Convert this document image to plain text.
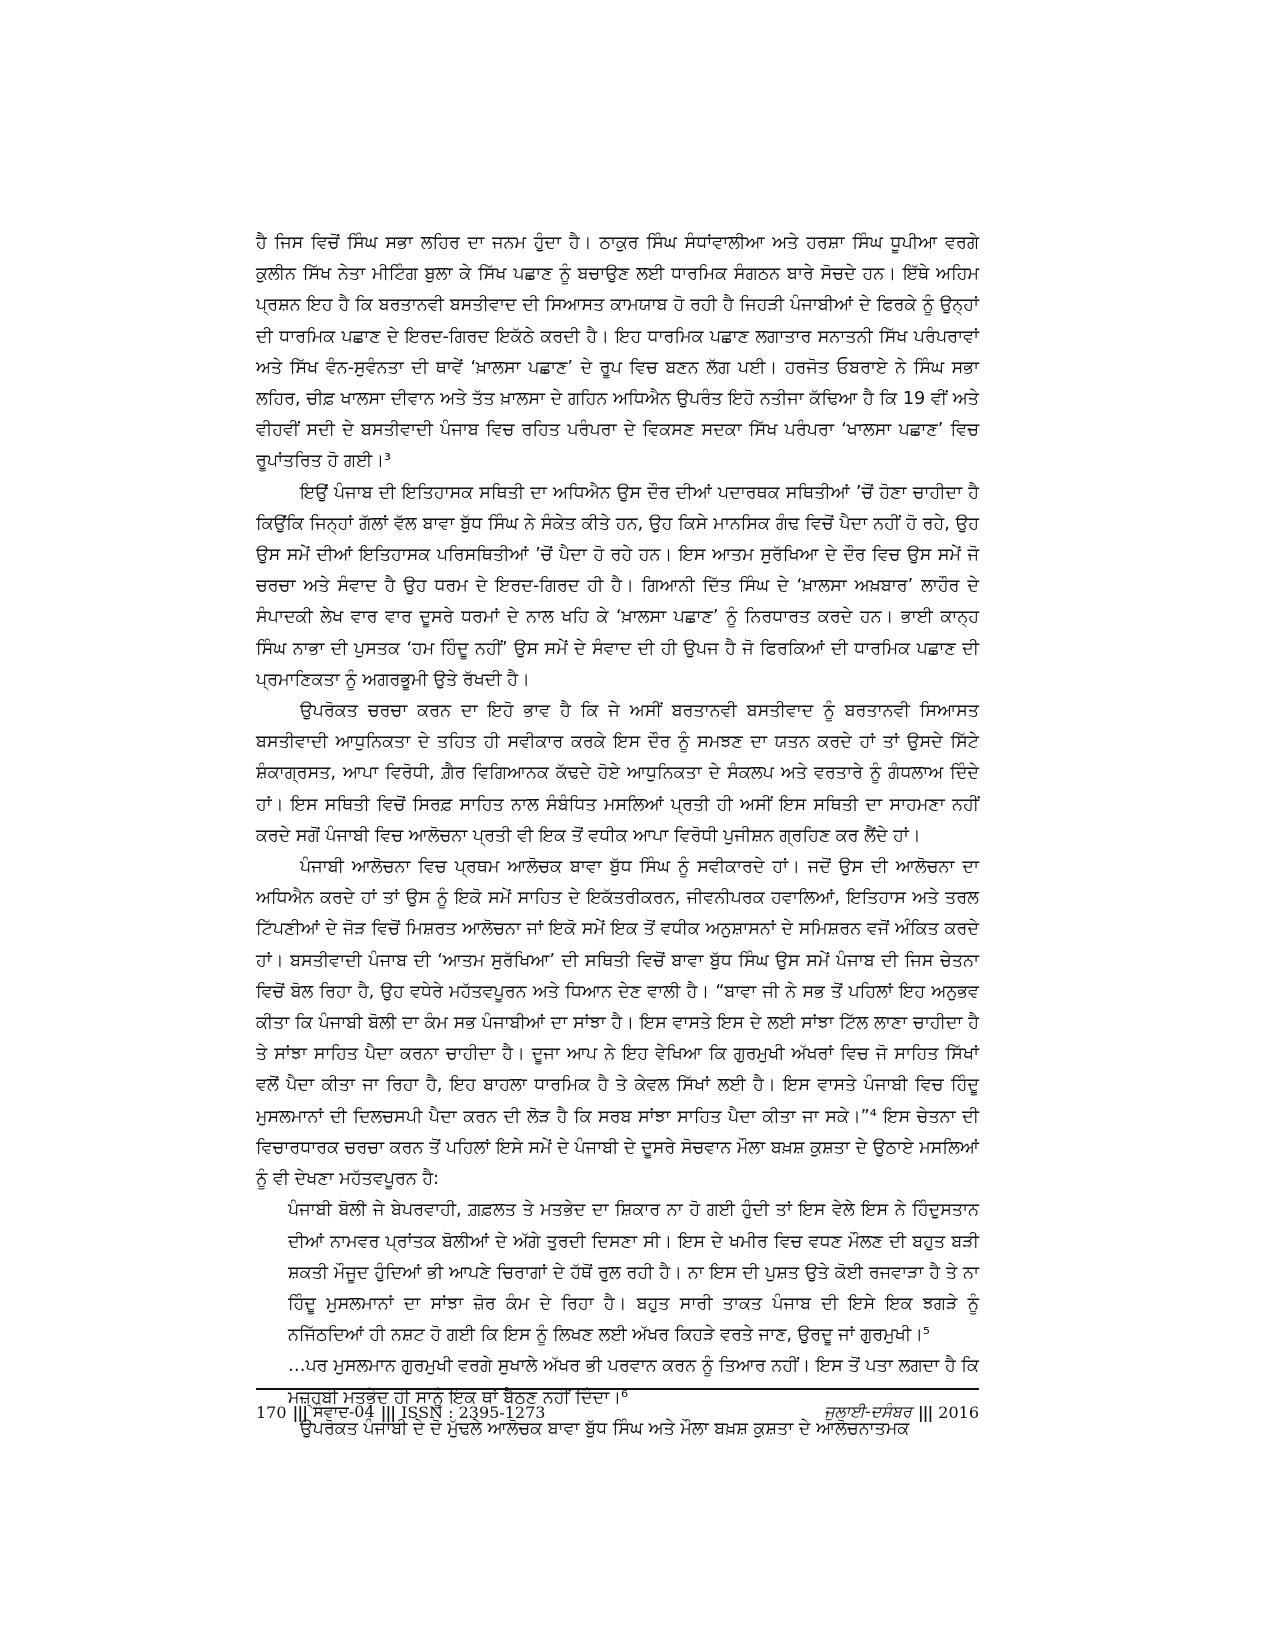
ਹੈ ਜਿਸ ਵਿਚੋਂ ਸਿੰਘ ਸਭਾ ਲਹਿਰ ਦਾ ਜਨਮ ਹੁੰਦਾ ਹੈ। ਠਾਕੁਰ ਸਿੰਘ ਸੰਧਾਂਵਾਲੀਆ ਅਤੇ ਹਰਸ਼ਾ ਸਿੰਘ ਧੂਪੀਆ ਵਰਗੇ ਕੁਲੀਨ ਸਿੱਖ ਨੇਤਾ ਮੀਟਿੰਗ ਬੁਲਾ ਕੇ ਸਿੱਖ ਪਛਾਣ ਨੂੰ ਬਚਾਉਣ ਲਈ ਧਾਰਮਿਕ ਸੰਗਠਨ ਬਾਰੇ ਸੋਚਦੇ ਹਨ। ਇੱਥੇ ਅਹਿਮ ਪ੍ਰਸ਼ਨ ਇਹ ਹੈ ਕਿ ਬਰਤਾਨਵੀ ਬਸਤੀਵਾਦ ਦੀ ਸਿਆਸਤ ਕਾਮਯਾਬ ਹੋ ਰਹੀ ਹੈ ਜਿਹੜੀ ਪੰਜਾਬੀਆਂ ਦੇ ਫਿਰਕੇ ਨੂੰ ਉਨ੍ਹਾਂ ਦੀ ਧਾਰਮਿਕ ਪਛਾਣ ਦੇ ਇਰਦ-ਗਿਰਦ ਇਕੱਠੇ ਕਰਦੀ ਹੈ। ਇਹ ਧਾਰਮਿਕ ਪਛਾਣ ਲਗਾਤਾਰ ਸਨਾਤਨੀ ਸਿੱਖ ਪਰੰਪਰਾਵਾਂ ਅਤੇ ਸਿੱਖ ਵੰਨ-ਸੁਵੰਨਤਾ ਦੀ ਥਾਵੇਂ ‘ਖ਼ਾਲਸਾ ਪਛਾਣ’ ਦੇ ਰੂਪ ਵਿਚ ਬਣਨ ਲੱਗ ਪਈ। ਹਰਜੋਤ ਓਬਰਾਏ ਨੇ ਸਿੰਘ ਸਭਾ ਲਹਿਰ, ਚੀਫ਼ ਖਾਲਸਾ ਦੀਵਾਨ ਅਤੇ ਤੱਤ ਖ਼ਾਲਸਾ ਦੇ ਗਹਿਨ ਅਧਿਐਨ ਉਪਰੰਤ ਇਹੋ ਨਤੀਜਾ ਕੱਢਿਆ ਹੈ ਕਿ 19 ਵੀਂ ਅਤੇ ਵੀਹਵੀਂ ਸਦੀ ਦੇ ਬਸਤੀਵਾਦੀ ਪੰਜਾਬ ਵਿਚ ਰਹਿਤ ਪਰੰਪਰਾ ਦੇ ਵਿਕਸਣ ਸਦਕਾ ਸਿੱਖ ਪਰੰਪਰਾ ‘ਖਾਲਸਾ ਪਛਾਣ’ ਵਿਚ ਰੂਪਾਂਤਰਿਤ ਹੋ ਗਈ।³

ਇਉਂ ਪੰਜਾਬ ਦੀ ਇਤਿਹਾਸਕ ਸਥਿਤੀ ਦਾ ਅਧਿਐਨ ਉਸ ਦੌਰ ਦੀਆਂ ਪਦਾਰਥਕ ਸਥਿਤੀਆਂ ’ਚੋਂ ਹੋਣਾ ਚਾਹੀਦਾ ਹੈ ਕਿਉਂਕਿ ਜਿਨ੍ਹਾਂ ਗੱਲਾਂ ਵੱਲ ਬਾਵਾ ਬੁੱਧ ਸਿੰਘ ਨੇ ਸੰਕੇਤ ਕੀਤੇ ਹਨ, ਉਹ ਕਿਸੇ ਮਾਨਸਿਕ ਗੰਢ ਵਿਚੋਂ ਪੈਦਾ ਨਹੀਂ ਹੋ ਰਹੇ, ਉਹ ਉਸ ਸਮੇਂ ਦੀਆਂ ਇਤਿਹਾਸਕ ਪਰਿਸਥਿਤੀਆਂ ’ਚੋਂ ਪੈਦਾ ਹੋ ਰਹੇ ਹਨ। ਇਸ ਆਤਮ ਸੁਰੱਖਿਆ ਦੇ ਦੌਰ ਵਿਚ ਉਸ ਸਮੇਂ ਜੋ ਚਰਚਾ ਅਤੇ ਸੰਵਾਦ ਹੈ ਉਹ ਧਰਮ ਦੇ ਇਰਦ-ਗਿਰਦ ਹੀ ਹੈ। ਗਿਆਨੀ ਦਿੱਤ ਸਿੰਘ ਦੇ ‘ਖ਼ਾਲਸਾ ਅਖ਼ਬਾਰ’ ਲਾਹੌਰ ਦੇ ਸੰਪਾਦਕੀ ਲੇਖ ਵਾਰ ਵਾਰ ਦੂਸਰੇ ਧਰਮਾਂ ਦੇ ਨਾਲ ਖਹਿ ਕੇ ‘ਖ਼ਾਲਸਾ ਪਛਾਣ’ ਨੂੰ ਨਿਰਧਾਰਤ ਕਰਦੇ ਹਨ। ਭਾਈ ਕਾਨ੍ਹ ਸਿੰਘ ਨਾਭਾ ਦੀ ਪੁਸਤਕ ‘ਹਮ ਹਿੰਦੂ ਨਹੀਂ’ ਉਸ ਸਮੇਂ ਦੇ ਸੰਵਾਦ ਦੀ ਹੀ ਉਪਜ ਹੈ ਜੋ ਫਿਰਕਿਆਂ ਦੀ ਧਾਰਮਿਕ ਪਛਾਣ ਦੀ ਪ੍ਰਮਾਣਿਕਤਾ ਨੂੰ ਅਗਰਭੂਮੀ ਉਤੇ ਰੱਖਦੀ ਹੈ।

ਉਪਰੋਕਤ ਚਰਚਾ ਕਰਨ ਦਾ ਇਹੋ ਭਾਵ ਹੈ ਕਿ ਜੇ ਅਸੀਂ ਬਰਤਾਨਵੀ ਬਸਤੀਵਾਦ ਨੂੰ ਬਰਤਾਨਵੀ ਸਿਆਸਤ ਬਸਤੀਵਾਦੀ ਆਧੁਨਿਕਤਾ ਦੇ ਤਹਿਤ ਹੀ ਸਵੀਕਾਰ ਕਰਕੇ ਇਸ ਦੌਰ ਨੂੰ ਸਮਝਣ ਦਾ ਯਤਨ ਕਰਦੇ ਹਾਂ ਤਾਂ ਉਸਦੇ ਸਿੱਟੇ ਸ਼ੰਕਾਗ੍ਰਸਤ, ਆਪਾ ਵਿਰੋਧੀ, ਗ਼ੈਰ ਵਿਗਿਆਨਕ ਕੱਢਦੇ ਹੋਏ ਆਧੁਨਿਕਤਾ ਦੇ ਸੰਕਲਪ ਅਤੇ ਵਰਤਾਰੇ ਨੂੰ ਗੰਧਲਾਅ ਦਿੰਦੇ ਹਾਂ। ਇਸ ਸਥਿਤੀ ਵਿਚੋਂ ਸਿਰਫ਼ ਸਾਹਿਤ ਨਾਲ ਸੰਬੰਧਿਤ ਮਸਲਿਆਂ ਪ੍ਰਤੀ ਹੀ ਅਸੀਂ ਇਸ ਸਥਿਤੀ ਦਾ ਸਾਹਮਣਾ ਨਹੀਂ ਕਰਦੇ ਸਗੋਂ ਪੰਜਾਬੀ ਵਿਚ ਆਲੋਚਨਾ ਪ੍ਰਤੀ ਵੀ ਇਕ ਤੋਂ ਵਧੀਕ ਆਪਾ ਵਿਰੋਧੀ ਪੁਜੀਸ਼ਨ ਗ੍ਰਹਿਣ ਕਰ ਲੈਂਦੇ ਹਾਂ।

ਪੰਜਾਬੀ ਆਲੋਚਨਾ ਵਿਚ ਪ੍ਰਥਮ ਆਲੋਚਕ ਬਾਵਾ ਬੁੱਧ ਸਿੰਘ ਨੂੰ ਸਵੀਕਾਰਦੇ ਹਾਂ। ਜਦੋਂ ਉਸ ਦੀ ਆਲੋਚਨਾ ਦਾ ਅਧਿਐਨ ਕਰਦੇ ਹਾਂ ਤਾਂ ਉਸ ਨੂੰ ਇਕੋ ਸਮੇਂ ਸਾਹਿਤ ਦੇ ਇਕੱਤਰੀਕਰਨ, ਜੀਵਨੀਪਰਕ ਹਵਾਲਿਆਂ, ਇਤਿਹਾਸ ਅਤੇ ਤਰਲ ਟਿੱਪਣੀਆਂ ਦੇ ਜੋੜ ਵਿਚੋਂ ਮਿਸ਼ਰਤ ਆਲੋਚਨਾ ਜਾਂ ਇਕੋ ਸਮੇਂ ਇਕ ਤੋਂ ਵਧੀਕ ਅਨੁਸ਼ਾਸਨਾਂ ਦੇ ਸਮਿਸ਼ਰਨ ਵਜੋਂ ਅੰਕਿਤ ਕਰਦੇ ਹਾਂ। ਬਸਤੀਵਾਦੀ ਪੰਜਾਬ ਦੀ ‘ਆਤਮ ਸੁਰੱਖਿਆ’ ਦੀ ਸਥਿਤੀ ਵਿਚੋਂ ਬਾਵਾ ਬੁੱਧ ਸਿੰਘ ਉਸ ਸਮੇਂ ਪੰਜਾਬ ਦੀ ਜਿਸ ਚੇਤਨਾ ਵਿਚੋਂ ਬੋਲ ਰਿਹਾ ਹੈ, ਉਹ ਵਧੇਰੇ ਮਹੱਤਵਪੂਰਨ ਅਤੇ ਧਿਆਨ ਦੇਣ ਵਾਲੀ ਹੈ। “ਬਾਵਾ ਜੀ ਨੇ ਸਭ ਤੋਂ ਪਹਿਲਾਂ ਇਹ ਅਨੁਭਵ ਕੀਤਾ ਕਿ ਪੰਜਾਬੀ ਬੋਲੀ ਦਾ ਕੰਮ ਸਭ ਪੰਜਾਬੀਆਂ ਦਾ ਸਾਂਝਾ ਹੈ। ਇਸ ਵਾਸਤੇ ਇਸ ਦੇ ਲਈ ਸਾਂਝਾ ਟਿੱਲ ਲਾਣਾ ਚਾਹੀਦਾ ਹੈ ਤੇ ਸਾਂਝਾ ਸਾਹਿਤ ਪੈਦਾ ਕਰਨਾ ਚਾਹੀਦਾ ਹੈ। ਦੂਜਾ ਆਪ ਨੇ ਇਹ ਵੇਖਿਆ ਕਿ ਗੁਰਮੁਖੀ ਅੱਖਰਾਂ ਵਿਚ ਜੋ ਸਾਹਿਤ ਸਿੱਖਾਂ ਵਲੋਂ ਪੈਦਾ ਕੀਤਾ ਜਾ ਰਿਹਾ ਹੈ, ਇਹ ਬਾਹਲਾ ਧਾਰਮਿਕ ਹੈ ਤੇ ਕੇਵਲ ਸਿੱਖਾਂ ਲਈ ਹੈ। ਇਸ ਵਾਸਤੇ ਪੰਜਾਬੀ ਵਿਚ ਹਿੰਦੂ ਮੁਸਲਮਾਨਾਂ ਦੀ ਦਿਲਚਸਪੀ ਪੈਦਾ ਕਰਨ ਦੀ ਲੋੜ ਹੈ ਕਿ ਸਰਬ ਸਾਂਝਾ ਸਾਹਿਤ ਪੈਦਾ ਕੀਤਾ ਜਾ ਸਕੇ।”⁴ ਇਸ ਚੇਤਨਾ ਦੀ ਵਿਚਾਰਧਾਰਕ ਚਰਚਾ ਕਰਨ ਤੋਂ ਪਹਿਲਾਂ ਇਸੇ ਸਮੇਂ ਦੇ ਪੰਜਾਬੀ ਦੇ ਦੂਸਰੇ ਸੋਚਵਾਨ ਮੌਲਾ ਬਖ਼ਸ਼ ਕੁਸ਼ਤਾ ਦੇ ਉਠਾਏ ਮਸਲਿਆਂ ਨੂੰ ਵੀ ਦੇਖਣਾ ਮਹੱਤਵਪੂਰਨ ਹੈ:

ਪੰਜਾਬੀ ਬੋਲੀ ਜੇ ਬੇਪਰਵਾਹੀ, ਗ਼ਫ਼ਲਤ ਤੇ ਮਤਭੇਦ ਦਾ ਸ਼ਿਕਾਰ ਨਾ ਹੋ ਗਈ ਹੁੰਦੀ ਤਾਂ ਇਸ ਵੇਲੇ ਇਸ ਨੇ ਹਿੰਦੁਸਤਾਨ ਦੀਆਂ ਨਾਮਵਰ ਪ੍ਰਾਂਤਕ ਬੋਲੀਆਂ ਦੇ ਅੱਗੇ ਤੁਰਦੀ ਦਿਸਣਾ ਸੀ। ਇਸ ਦੇ ਖਮੀਰ ਵਿਚ ਵਧਣ ਮੌਲਣ ਦੀ ਬਹੁਤ ਬੜੀ ਸ਼ਕਤੀ ਮੌਜੂਦ ਹੁੰਦਿਆਂ ਭੀ ਆਪਣੇ ਚਿਰਾਗਾਂ ਦੇ ਹੱਥੋਂ ਰੁਲ ਰਹੀ ਹੈ। ਨਾ ਇਸ ਦੀ ਪੁਸ਼ਤ ਉਤੇ ਕੋਈ ਰਜਵਾੜਾ ਹੈ ਤੇ ਨਾ ਹਿੰਦੂ ਮੁਸਲਮਾਨਾਂ ਦਾ ਸਾਂਝਾ ਜ਼ੋਰ ਕੰਮ ਦੇ ਰਿਹਾ ਹੈ। ਬਹੁਤ ਸਾਰੀ ਤਾਕਤ ਪੰਜਾਬ ਦੀ ਇਸੇ ਇਕ ਝਗੜੇ ਨੂੰ ਨਜਿੱਠਦਿਆਂ ਹੀ ਨਸ਼ਟ ਹੋ ਗਈ ਕਿ ਇਸ ਨੂੰ ਲਿਖਣ ਲਈ ਅੱਖਰ ਕਿਹੜੇ ਵਰਤੇ ਜਾਣ, ਉਰਦੂ ਜਾਂ ਗੁਰਮੁਖੀ।⁵

…ਪਰ ਮੁਸਲਮਾਨ ਗੁਰਮੁਖੀ ਵਰਗੇ ਸੁਖਾਲੇ ਅੱਖਰ ਭੀ ਪਰਵਾਨ ਕਰਨ ਨੂੰ ਤਿਆਰ ਨਹੀਂ। ਇਸ ਤੋਂ ਪਤਾ ਲਗਦਾ ਹੈ ਕਿ ਮਜ਼੍ਹਬੀ ਮਤਭੇਦ ਹੀ ਸਾਨੂੰ ਇਕ ਥਾਂ ਬੈਠਣ ਨਹੀਂ ਦਿੰਦਾ।⁶

ਉਪਰੋਕਤ ਪੰਜਾਬੀ ਦੇ ਦੋ ਮੁੱਢਲੇ ਆਲੋਚਕ ਬਾਵਾ ਬੁੱਧ ਸਿੰਘ ਅਤੇ ਮੌਲਾ ਬਖ਼ਸ਼ ਕੁਸ਼ਤਾ ਦੇ ਆਲੋਚਨਾਤਮਕ

170 ||| ਸੰਵਾਦ-04 ||| ISSN : 2395-1273	ਜੁਲਾਈ-ਦਸੰਬਰ ||| 2016
